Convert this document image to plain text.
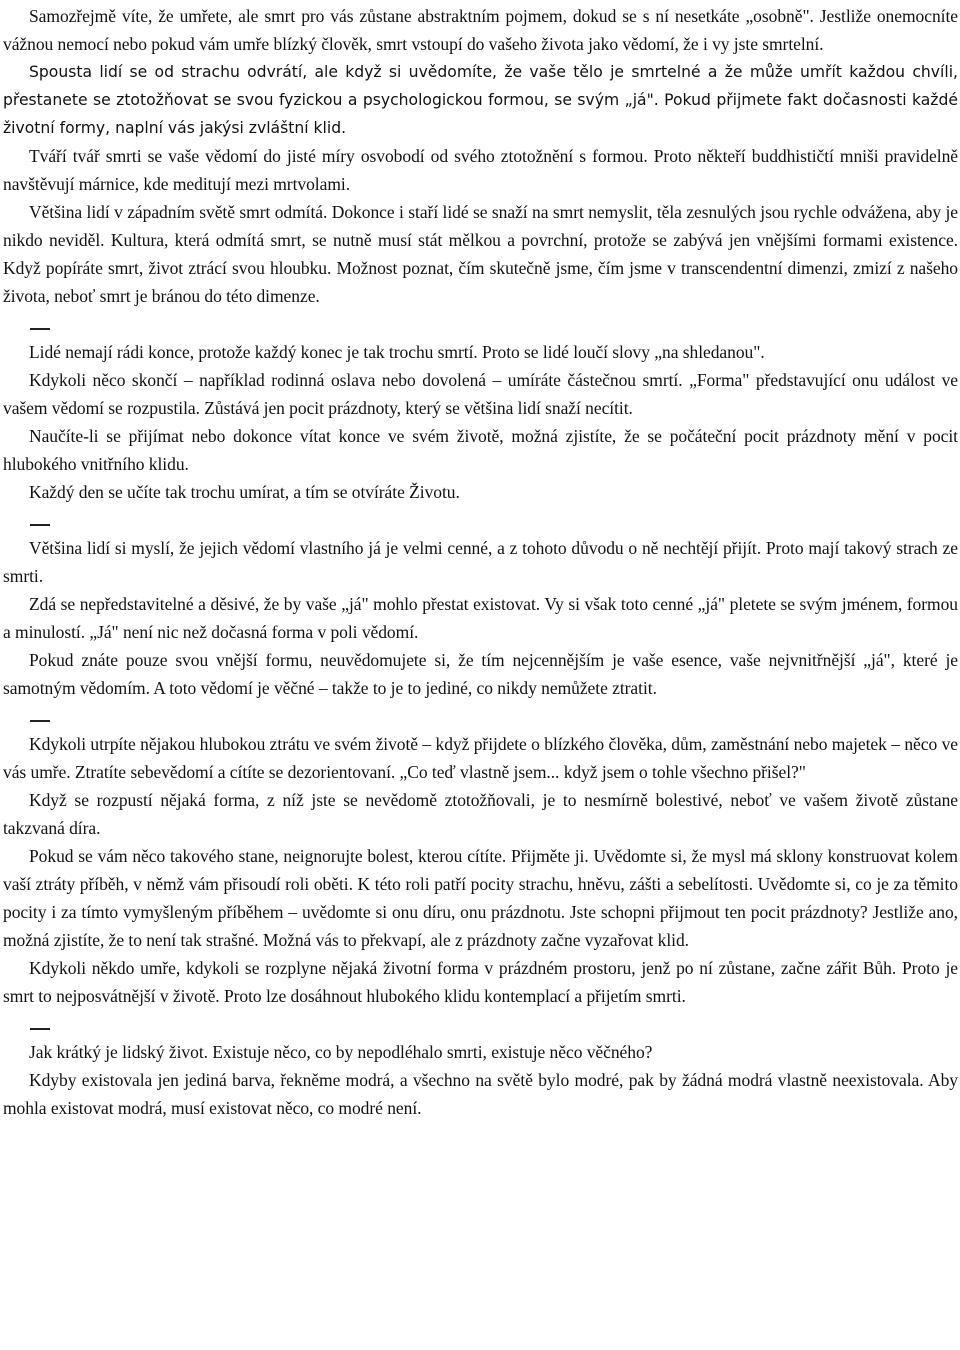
Samozřejmě víte, že umřete, ale smrt pro vás zůstane abstraktním pojmem, dokud se s ní nesetkáte „osobně". Jestliže onemocníte vážnou nemocí nebo pokud vám umře blízký člověk, smrt vstoupí do vašeho života jako vědomí, že i vy jste smrtelní.

Spousta lidí se od strachu odvrátí, ale když si uvědomíte, že vaše tělo je smrtelné a že může umřít každou chvíli, přestanete se ztotožňovat se svou fyzickou a psychologickou formou, se svým „já". Pokud přijmete fakt dočasnosti každé životní formy, naplní vás jakýsi zvláštní klid.

Tváří tvář smrti se vaše vědomí do jisté míry osvobodí od svého ztotožnění s formou. Proto někteří buddhističtí mniši pravidelně navštěvují márnice, kde meditují mezi mrtvolami.

Většina lidí v západním světě smrt odmítá. Dokonce i staří lidé se snaží na smrt nemyslit, těla zesnulých jsou rychle odvážena, aby je nikdo neviděl. Kultura, která odmítá smrt, se nutně musí stát mělkou a povrchní, protože se zabývá jen vnějšími formami existence. Když popíráte smrt, život ztrácí svou hloubku. Možnost poznat, čím skutečně jsme, čím jsme v transcendentní dimenzi, zmizí z našeho života, neboť smrt je bránou do této dimenze.

Lidé nemají rádi konce, protože každý konec je tak trochu smrtí. Proto se lidé loučí slovy „na shledanou".

Kdykoli něco skončí – například rodinná oslava nebo dovolená – umíráte částečnou smrtí. „Forma" představující onu událost ve vašem vědomí se rozpustila. Zůstává jen pocit prázdnoty, který se většina lidí snaží necítit.

Naučíte-li se přijímat nebo dokonce vítat konce ve svém životě, možná zjistíte, že se počáteční pocit prázdnoty mění v pocit hlubokého vnitřního klidu.

Každý den se učíte tak trochu umírat, a tím se otvíráte Životu.

Většina lidí si myslí, že jejich vědomí vlastního já je velmi cenné, a z tohoto důvodu o ně nechtějí přijít. Proto mají takový strach ze smrti.

Zdá se nepředstavitelné a děsivé, že by vaše „já" mohlo přestat existovat. Vy si však toto cenné „já" pletete se svým jménem, formou a minulostí. „Já" není nic než dočasná forma v poli vědomí.

Pokud znáte pouze svou vnější formu, neuvědomujete si, že tím nejcennějším je vaše esence, vaše nejvnitřnější „já", které je samotným vědomím. A toto vědomí je věčné – takže to je to jediné, co nikdy nemůžete ztratit.

Kdykoli utrpíte nějakou hlubokou ztrátu ve svém životě – když přijdete o blízkého člověka, dům, zaměstnání nebo majetek – něco ve vás umře. Ztratíte sebevědomí a cítíte se dezorientovaní. „Co teď vlastně jsem... když jsem o tohle všechno přišel?"

Když se rozpustí nějaká forma, z níž jste se nevědomě ztotožňovali, je to nesmírně bolestivé, neboť ve vašem životě zůstane takzvaná díra.

Pokud se vám něco takového stane, neignorujte bolest, kterou cítíte. Přijměte ji. Uvědomte si, že mysl má sklony konstruovat kolem vaší ztráty příběh, v němž vám přisoudí roli oběti. K této roli patří pocity strachu, hněvu, zášti a sebelítosti. Uvědomte si, co je za těmito pocity i za tímto vymyšleným příběhem – uvědomte si onu díru, onu prázdnotu. Jste schopni přijmout ten pocit prázdnoty? Jestliže ano, možná zjistíte, že to není tak strašné. Možná vás to překvapí, ale z prázdnoty začne vyzařovat klid.

Kdykoli někdo umře, kdykoli se rozplyne nějaká životní forma v prázdném prostoru, jenž po ní zůstane, začne zářit Bůh. Proto je smrt to nejposvátnější v životě. Proto lze dosáhnout hlubokého klidu kontemplací a přijetím smrti.

Jak krátký je lidský život. Existuje něco, co by nepodléhalo smrti, existuje něco věčného?

Kdyby existovala jen jediná barva, řekněme modrá, a všechno na světě bylo modré, pak by žádná modrá vlastně neexistovala. Aby mohla existovat modrá, musí existovat něco, co modré není.
